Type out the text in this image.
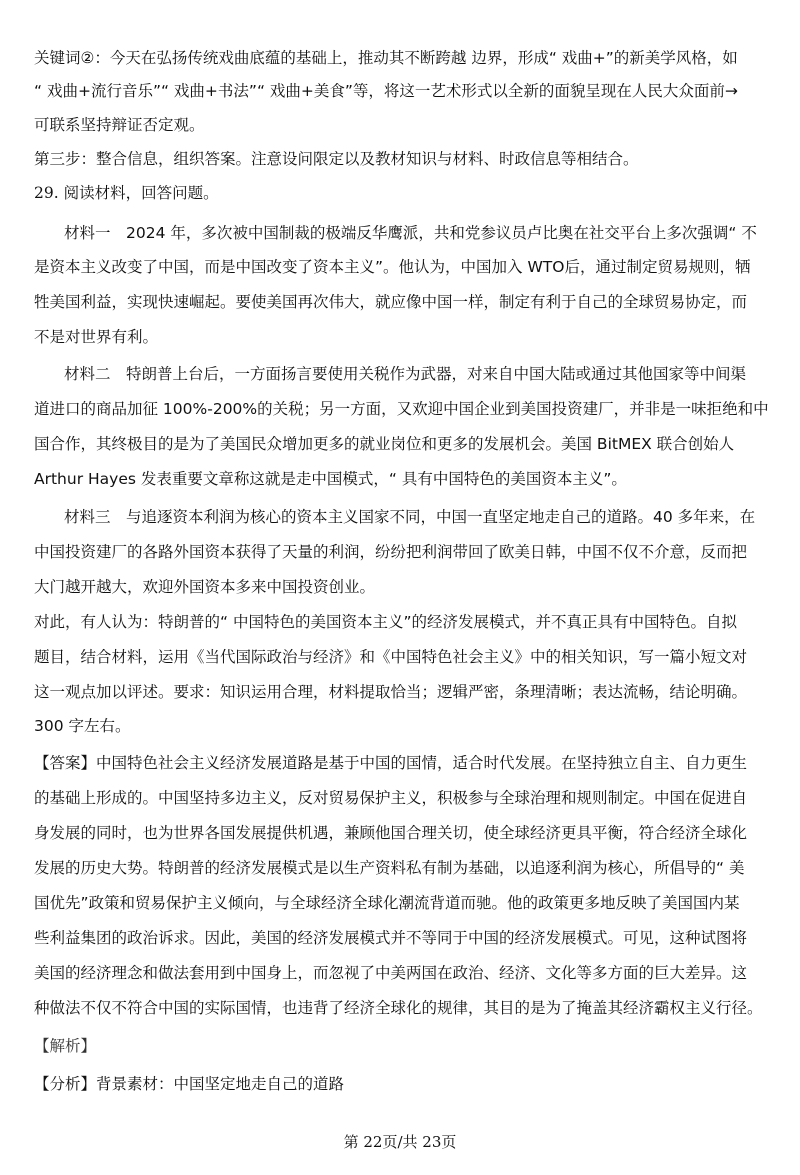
关键词②：今天在弘扬传统戏曲底蕴的基础上，推动其不断跨越 边界，形成“ 戏曲+”的新美学风格，如
“ 戏曲+流行音乐”“ 戏曲+书法”“ 戏曲+美食”等，将这一艺术形式以全新的面貌呈现在人民大众面前→
可联系坚持辩证否定观。
第三步：整合信息，组织答案。注意设问限定以及教材知识与材料、时政信息等相结合。
29. 阅读材料，回答问题。
材料一　2024 年，多次被中国制裁的极端反华鹰派，共和党参议员卢比奥在社交平台上多次强调“ 不
是资本主义改变了中国，而是中国改变了资本主义”。他认为，中国加入 WTO后，通过制定贸易规则，牺
牲美国利益，实现快速崛起。要使美国再次伟大，就应像中国一样，制定有利于自己的全球贸易协定，而
不是对世界有利。
材料二　特朗普上台后，一方面扬言要使用关税作为武器，对来自中国大陆或通过其他国家等中间渠
道进口的商品加征 100%-200%的关税；另一方面，又欢迎中国企业到美国投资建厂，并非是一味拒绝和中
国合作，其终极目的是为了美国民众增加更多的就业岗位和更多的发展机会。美国 BitMEX 联合创始人
Arthur Hayes 发表重要文章称这就是走中国模式，“ 具有中国特色的美国资本主义”。
材料三　与追逐资本利润为核心的资本主义国家不同，中国一直坚定地走自己的道路。40 多年来，在
中国投资建厂的各路外国资本获得了天量的利润，纷纷把利润带回了欧美日韩，中国不仅不介意，反而把
大门越开越大，欢迎外国资本多来中国投资创业。
对此，有人认为：特朗普的“ 中国特色的美国资本主义”的经济发展模式，并不真正具有中国特色。自拟
题目，结合材料，运用《当代国际政治与经济》和《中国特色社会主义》中的相关知识，写一篇小短文对
这一观点加以评述。要求：知识运用合理，材料提取恰当；逻辑严密，条理清晰；表达流畅，结论明确。
300 字左右。
【答案】中国特色社会主义经济发展道路是基于中国的国情，适合时代发展。在坚持独立自主、自力更生
的基础上形成的。中国坚持多边主义，反对贸易保护主义，积极参与全球治理和规则制定。中国在促进自
身发展的同时，也为世界各国发展提供机遇，兼顾他国合理关切，使全球经济更具平衡，符合经济全球化
发展的历史大势。特朗普的经济发展模式是以生产资料私有制为基础，以追逐利润为核心，所倡导的“ 美
国优先”政策和贸易保护主义倾向，与全球经济全球化潮流背道而驰。他的政策更多地反映了美国国内某
些利益集团的政治诉求。因此，美国的经济发展模式并不等同于中国的经济发展模式。可见，这种试图将
美国的经济理念和做法套用到中国身上，而忽视了中美两国在政治、经济、文化等多方面的巨大差异。这
种做法不仅不符合中国的实际国情，也违背了经济全球化的规律，其目的是为了掩盖其经济霸权主义行径。
【解析】
【分析】背景素材：中国坚定地走自己的道路
第 22页/共 23页
